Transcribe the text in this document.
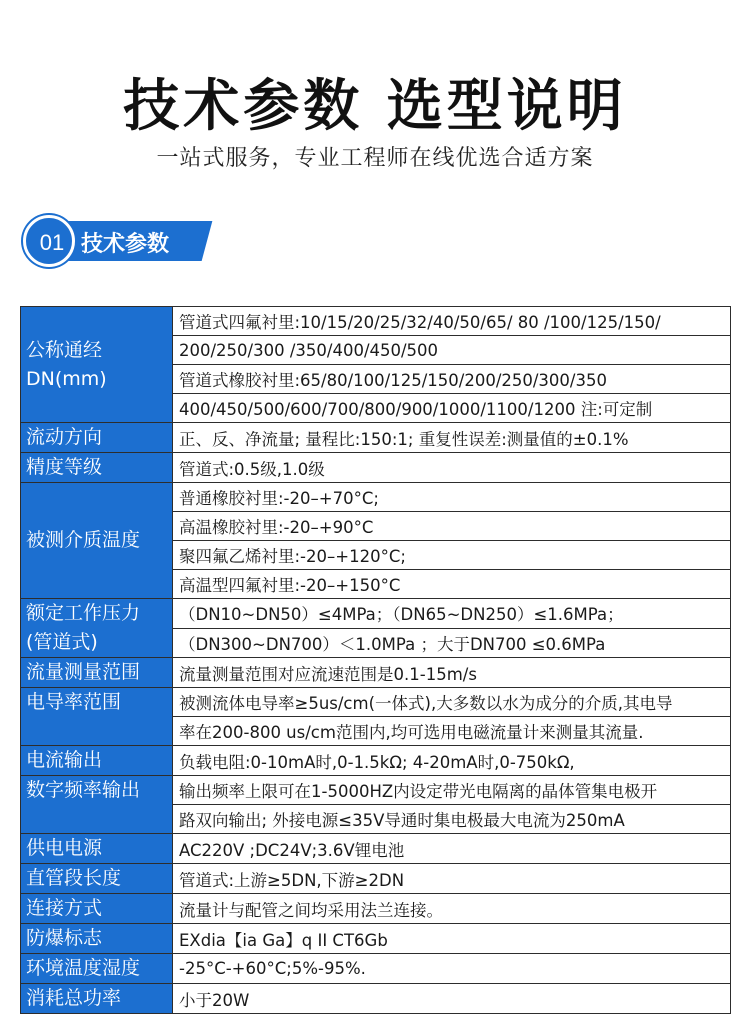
技术参数 选型说明
一站式服务，专业工程师在线优选合适方案
01 技术参数
公称通经
DN(mm)	管道式四氟衬里:10/15/20/25/32/40/50/65/ 80 /100/125/150/
	200/250/300 /350/400/450/500
	管道式橡胶衬里:65/80/100/125/150/200/250/300/350
	400/450/500/600/700/800/900/1000/1100/1200 注:可定制
流动方向	正、反、净流量; 量程比:150:1; 重复性误差:测量值的±0.1%
精度等级	管道式:0.5级,1.0级
被测介质温度	普通橡胶衬里:-20–+70°C;
	高温橡胶衬里:-20–+90°C
	聚四氟乙烯衬里:-20–+120°C;
	高温型四氟衬里:-20–+150°C

额定工作压力
(管道式)	（DN10~DN50）≤4MPa；（DN65~DN250）≤1.6MPa；
	（DN300~DN700）＜1.0MPa ；大于DN700 ≤0.6MPa
流量测量范围	流量测量范围对应流速范围是0.1-15m/s
电导率范围	被测流体电导率≥5us/cm(一体式),大多数以水为成分的介质,其电导
	率在200-800 us/cm范围内,均可选用电磁流量计来测量其流量.
电流输出	负载电阻:0-10mA时,0-1.5kΩ; 4-20mA时,0-750kΩ,
数字频率输出	输出频率上限可在1-5000HZ内设定带光电隔离的晶体管集电极开
	路双向输出; 外接电源≤35V导通时集电极最大电流为250mA
供电电源	AC220V ;DC24V;3.6V锂电池
直管段长度	管道式:上游≥5DN,下游≥2DN
连接方式	流量计与配管之间均采用法兰连接。
防爆标志	EXdia【ia Ga】q II CT6Gb
环境温度湿度	-25°C-+60°C;5%-95%.
消耗总功率	小于20W
